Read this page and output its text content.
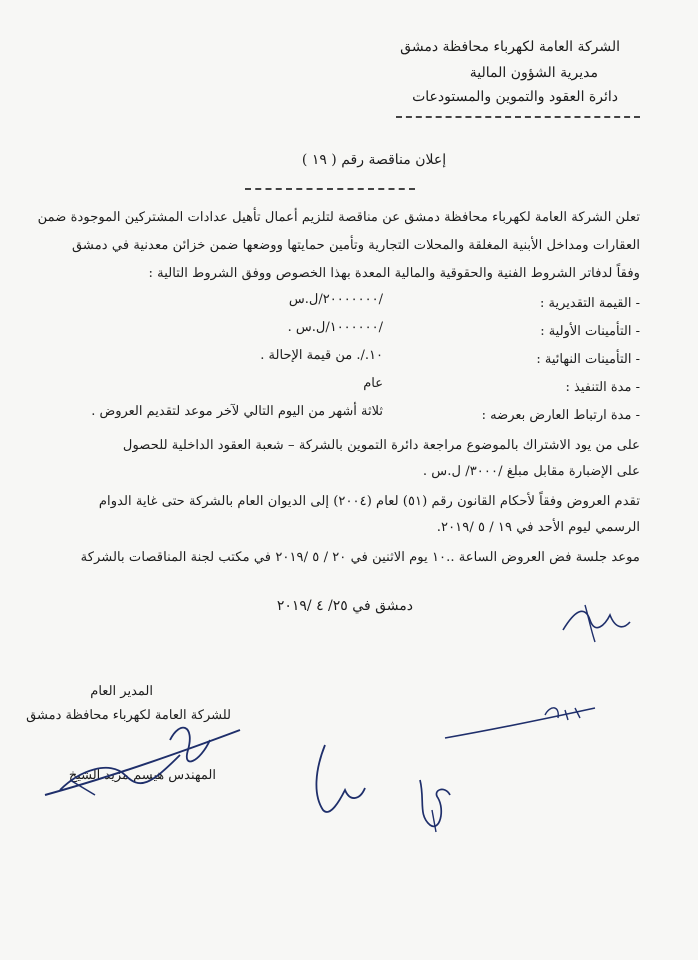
الشركة العامة لكهرباء محافظة دمشق
مديرية الشؤون المالية
دائرة العقود والتموين والمستودعات
إعلان مناقصة رقم ( ١٩ )
تعلن الشركة العامة لكهرباء محافظة دمشق عن مناقصة لتلزيم أعمال تأهيل عدادات المشتركين الموجودة ضمن
العقارات ومداخل الأبنية المغلقة والمحلات التجارية وتأمين حمايتها ووضعها ضمن خزائن معدنية في دمشق
وفقاً لدفاتر الشروط الفنية والحقوقية والمالية المعدة بهذا الخصوص ووفق الشروط التالية :
- القيمة التقديرية :
/٢٠٠٠٠٠٠٠/ل.س
- التأمينات الأولية :
/١٠٠٠٠٠٠/ل.س .
- التأمينات النهائية :
١٠./. من قيمة الإحالة .
- مدة التنفيذ :
عام
- مدة ارتباط العارض بعرضه :
ثلاثة أشهر من اليوم التالي لآخر موعد لتقديم العروض .
على من يود الاشتراك بالموضوع مراجعة دائرة التموين بالشركة – شعبة العقود الداخلية للحصول
على الإضبارة مقابل مبلغ /٣٠٠٠/ ل.س .
تقدم العروض وفقاً لأحكام القانون رقم (٥١) لعام (٢٠٠٤) إلى الديوان العام بالشركة حتى غاية الدوام
الرسمي ليوم الأحد في ١٩ / ٥ /٢٠١٩.
موعد جلسة فض العروض الساعة ..١٠ يوم الاثنين في ٢٠ / ٥ /٢٠١٩ في مكتب لجنة المناقصات بالشركة
دمشق في ٢٥/ ٤ /٢٠١٩
المدير العام
للشركة العامة لكهرباء محافظة دمشق
المهندس هيسم مزيد الشيخ
